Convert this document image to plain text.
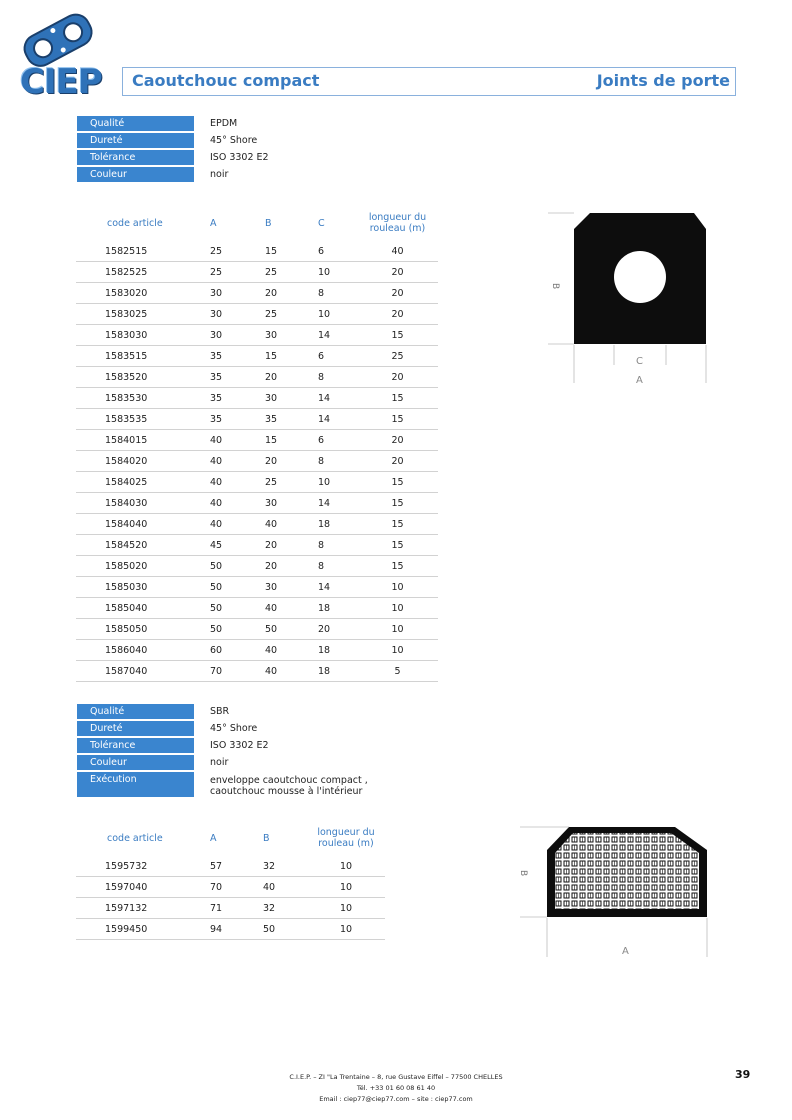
CIEP Caoutchouc compact	Joints de porte
Qualité	EPDM
Dureté	45° Shore
Tolérance	ISO 3302 E2
Couleur	noir
code article	A	B	C	longueur du rouleau (m)
1582515	25	15	6	40
1582525	25	25	10	20
1583020	30	20	8	20
1583025	30	25	10	20
1583030	30	30	14	15
1583515	35	15	6	25
1583520	35	20	8	20
1583530	35	30	14	15
1583535	35	35	14	15
1584015	40	15	6	20
1584020	40	20	8	20
1584025	40	25	10	15
1584030	40	30	14	15
1584040	40	40	18	15
1584520	45	20	8	15
1585020	50	20	8	15
1585030	50	30	14	10
1585040	50	40	18	10
1585050	50	50	20	10
1586040	60	40	18	10
1587040	70	40	18	5
B
C
A
Qualité	SBR
Dureté	45° Shore
Tolérance	ISO 3302 E2
Couleur	noir
Exécution	enveloppe caoutchouc compact , caoutchouc mousse à l'intérieur
code article	A	B	longueur du rouleau (m)
1595732	57	32	10
1597040	70	40	10
1597132	71	32	10
1599450	94	50	10
B
A
C.I.E.P. – ZI "La Trentaine – 8, rue Gustave Eiffel – 77500 CHELLES
Tél. +33 01 60 08 61 40
Email : ciep77@ciep77.com – site : ciep77.com
39
